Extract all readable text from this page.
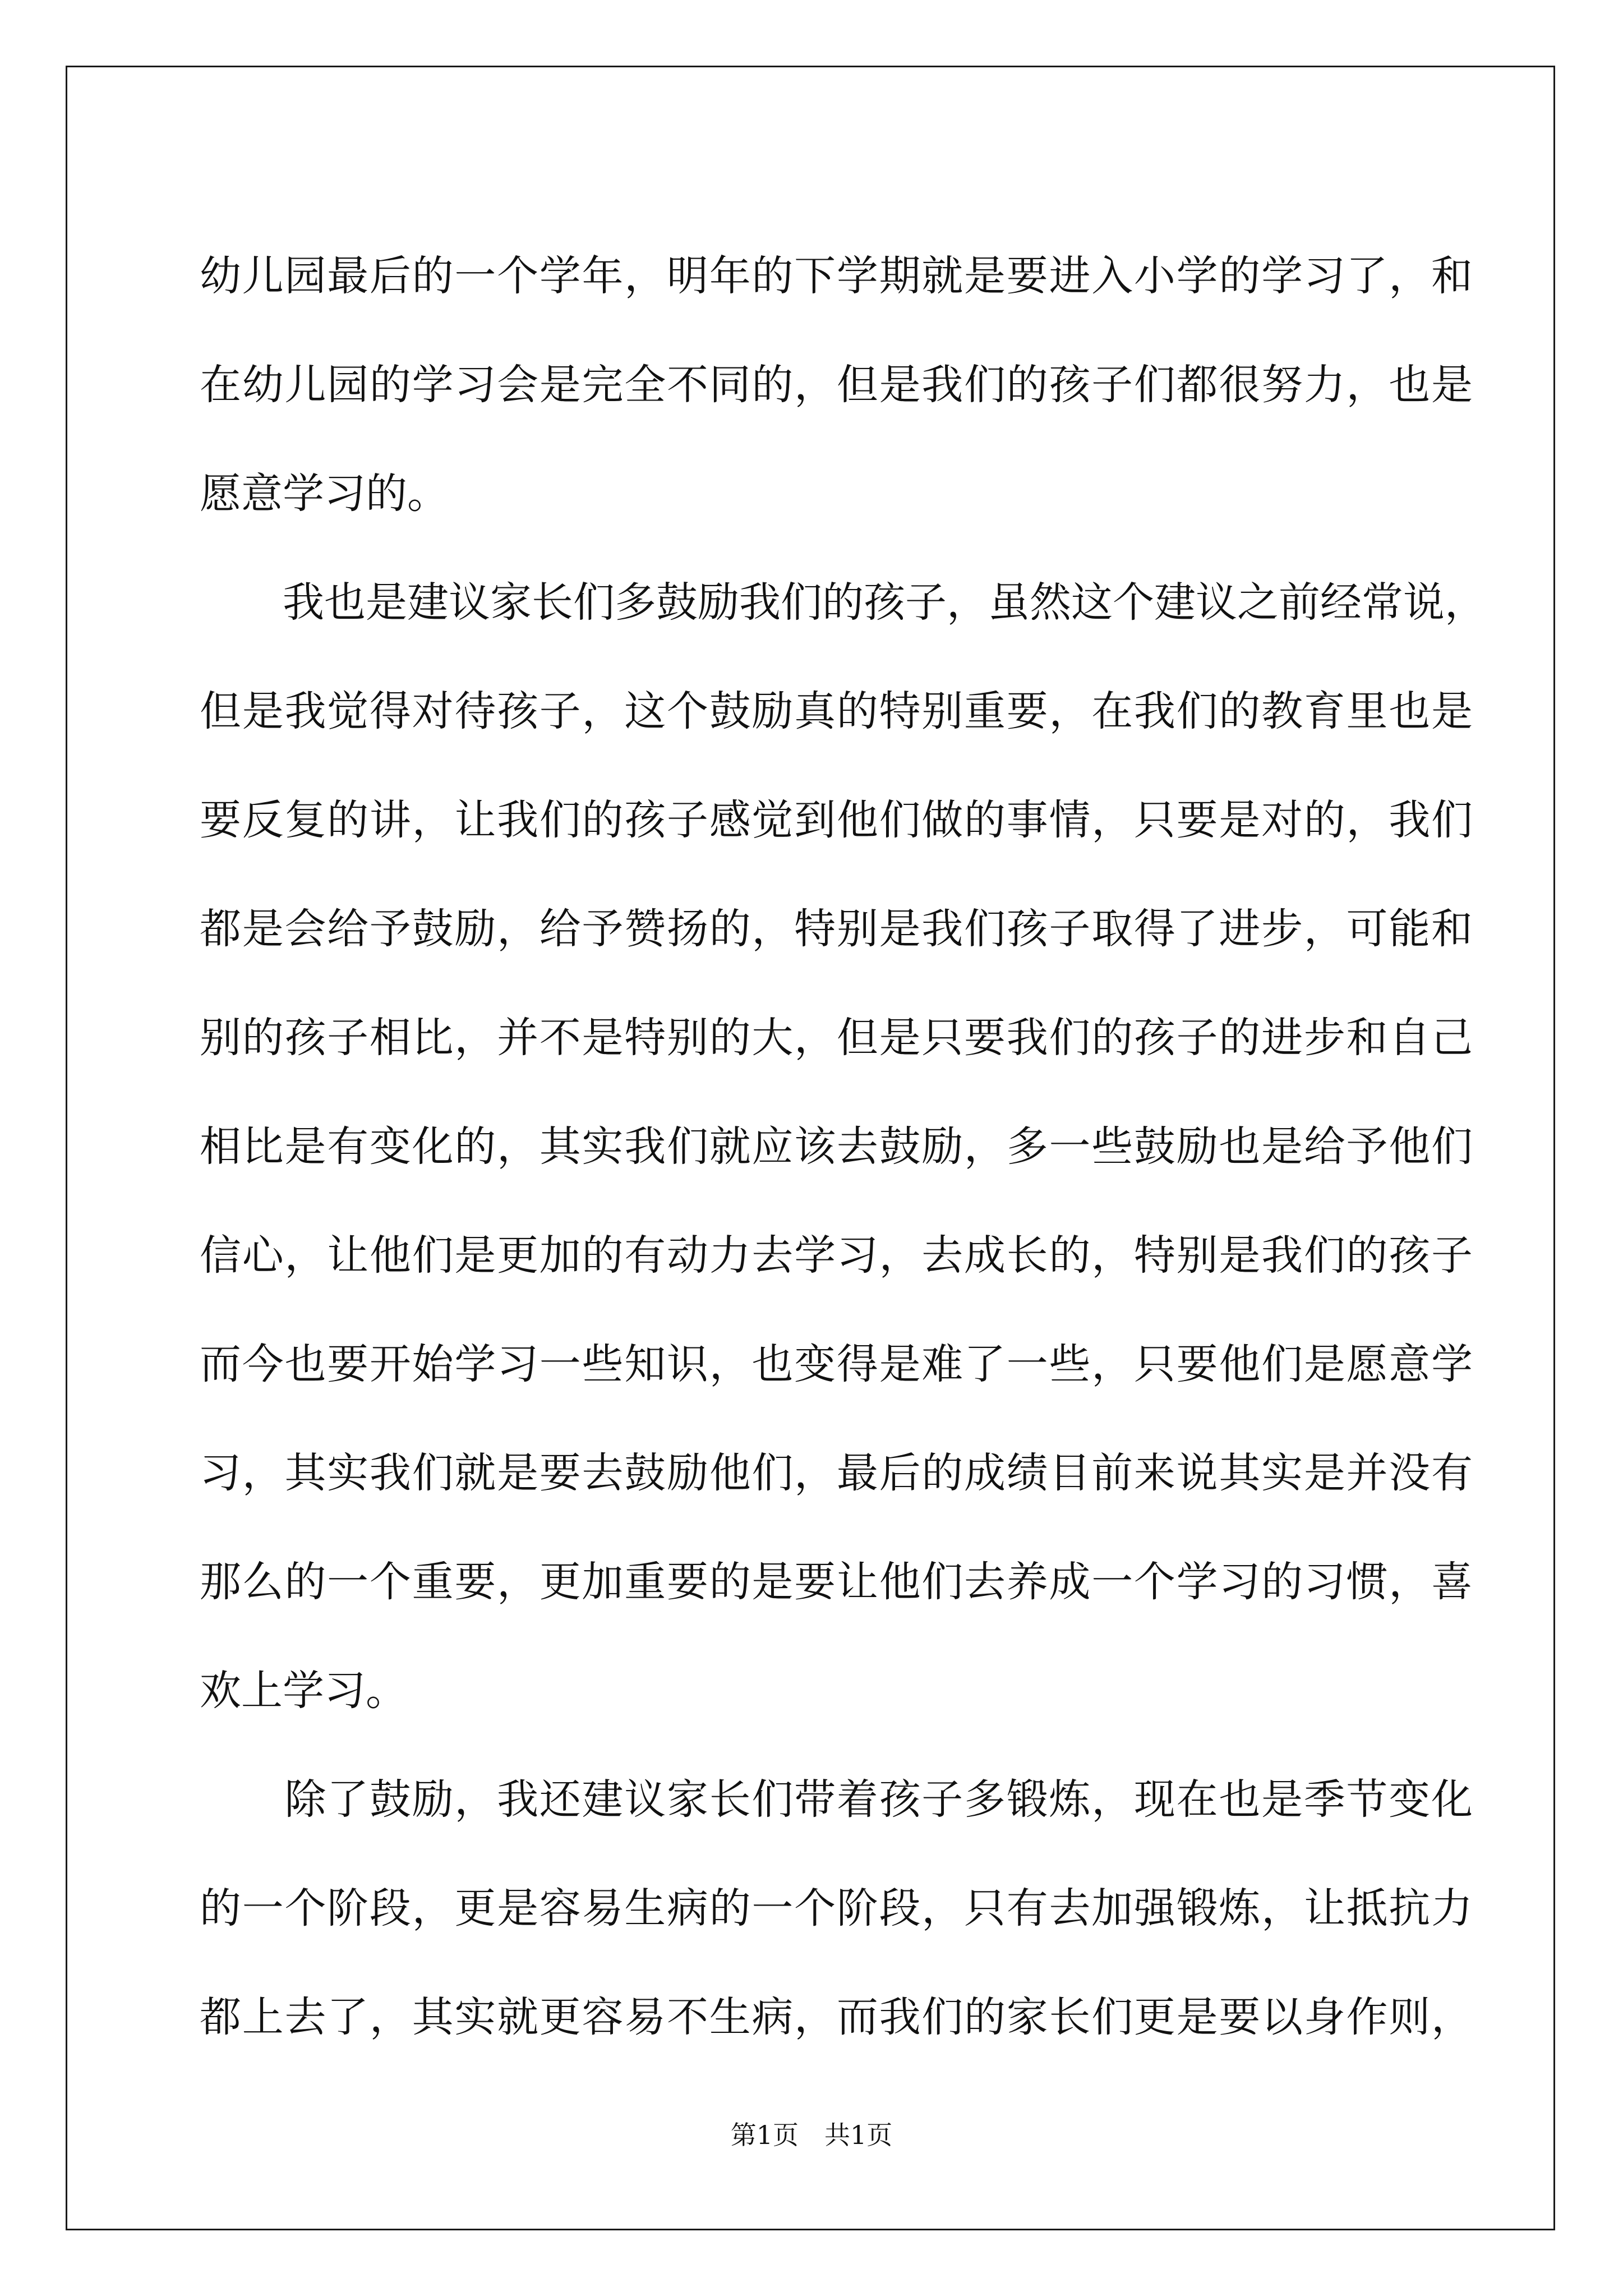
幼儿园最后的一个学年，明年的下学期就是要进入小学的学习了，和
在幼儿园的学习会是完全不同的，但是我们的孩子们都很努力，也是
愿意学习的。
　　我也是建议家长们多鼓励我们的孩子，虽然这个建议之前经常说，
但是我觉得对待孩子，这个鼓励真的特别重要，在我们的教育里也是
要反复的讲，让我们的孩子感觉到他们做的事情，只要是对的，我们
都是会给予鼓励，给予赞扬的，特别是我们孩子取得了进步，可能和
别的孩子相比，并不是特别的大，但是只要我们的孩子的进步和自己
相比是有变化的，其实我们就应该去鼓励，多一些鼓励也是给予他们
信心，让他们是更加的有动力去学习，去成长的，特别是我们的孩子
而今也要开始学习一些知识，也变得是难了一些，只要他们是愿意学
习，其实我们就是要去鼓励他们，最后的成绩目前来说其实是并没有
那么的一个重要，更加重要的是要让他们去养成一个学习的习惯，喜
欢上学习。
　　除了鼓励，我还建议家长们带着孩子多锻炼，现在也是季节变化
的一个阶段，更是容易生病的一个阶段，只有去加强锻炼，让抵抗力
都上去了，其实就更容易不生病，而我们的家长们更是要以身作则，
第1页　共1页
